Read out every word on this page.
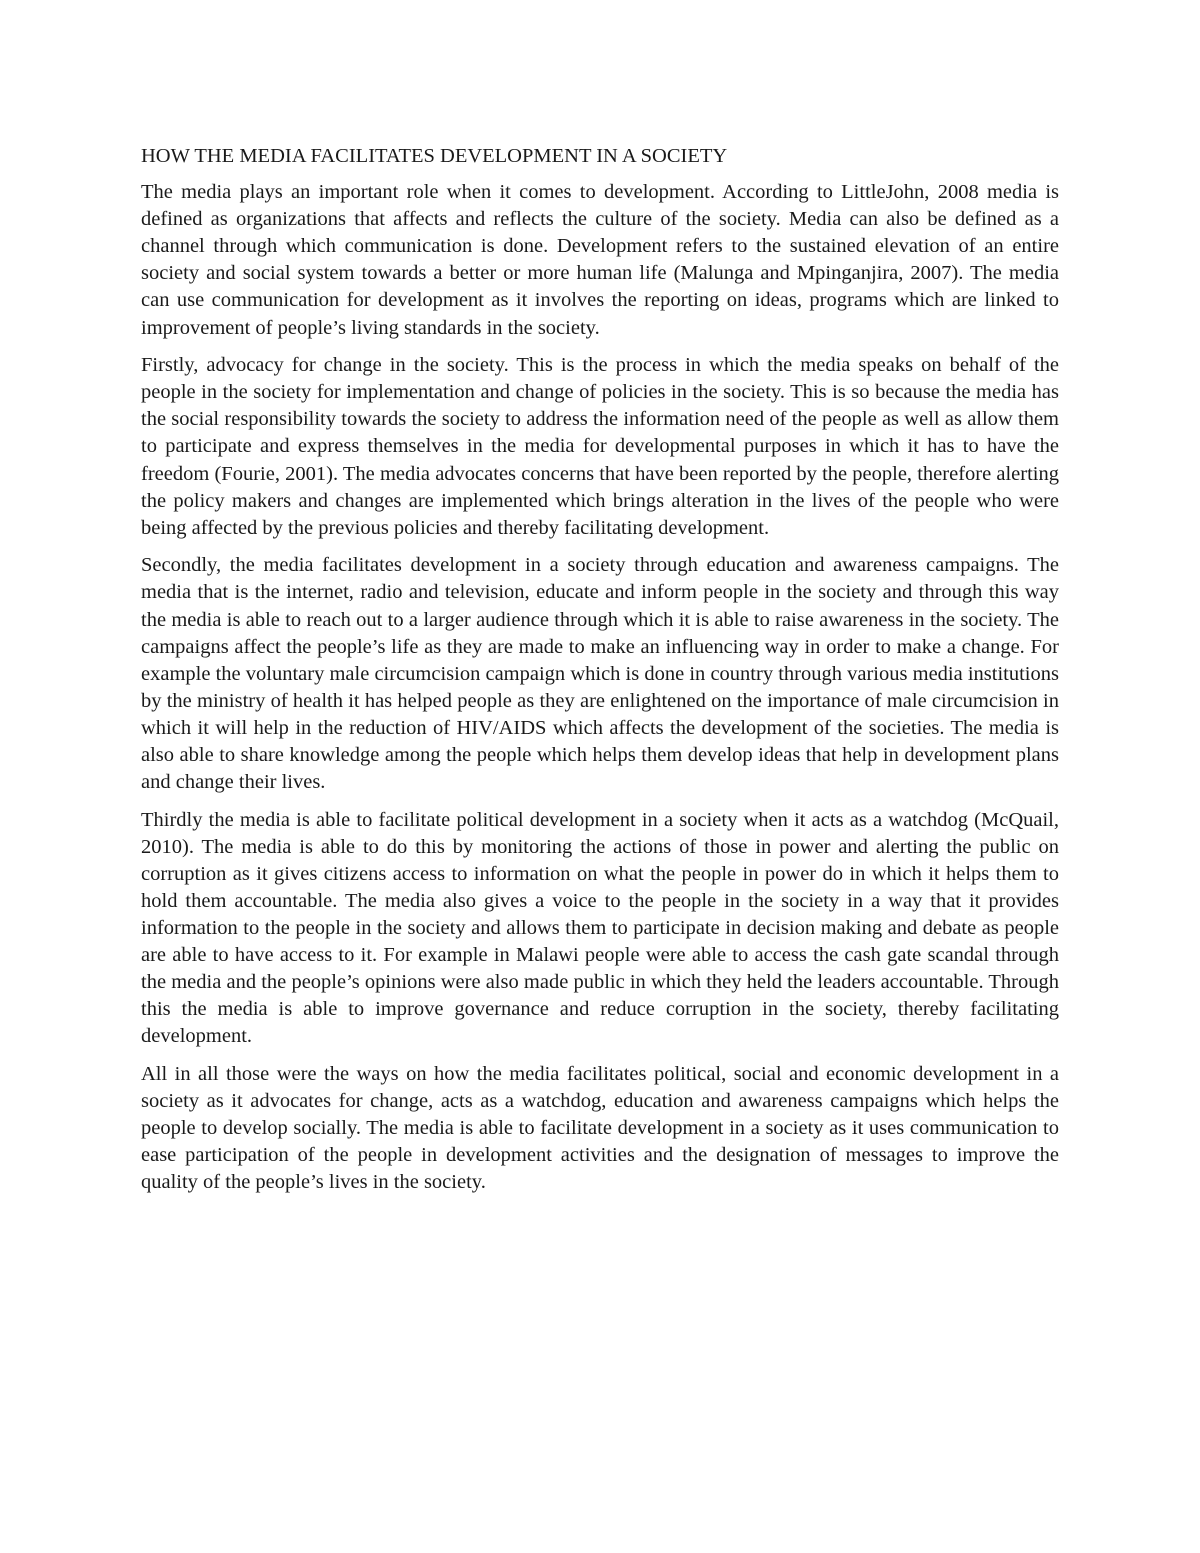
HOW THE MEDIA FACILITATES DEVELOPMENT IN A SOCIETY

The media plays an important role when it comes to development. According to LittleJohn, 2008 media is defined as organizations that affects and reflects the culture of the society. Media can also be defined as a channel through which communication is done. Development refers to the sustained elevation of an entire society and social system towards a better or more human life (Malunga and Mpinganjira, 2007). The media can use communication for development as it involves the reporting on ideas, programs which are linked to improvement of people’s living standards in the society.

Firstly, advocacy for change in the society. This is the process in which the media speaks on behalf of the people in the society for implementation and change of policies in the society. This is so because the media has the social responsibility towards the society to address the information need of the people as well as allow them to participate and express themselves in the media for developmental purposes in which it has to have the freedom (Fourie, 2001). The media advocates concerns that have been reported by the people, therefore alerting the policy makers and changes are implemented which brings alteration in the lives of the people who were being affected by the previous policies and thereby facilitating development.

Secondly, the media facilitates development in a society through education and awareness campaigns. The media that is the internet, radio and television, educate and inform people in the society and through this way the media is able to reach out to a larger audience through which it is able to raise awareness in the society. The campaigns affect the people’s life as they are made to make an influencing way in order to make a change. For example the voluntary male circumcision campaign which is done in country through various media institutions by the ministry of health it has helped people as they are enlightened on the importance of male circumcision in which it will help in the reduction of HIV/AIDS which affects the development of the societies. The media is also able to share knowledge among the people which helps them develop ideas that help in development plans and change their lives.

Thirdly the media is able to facilitate political development in a society when it acts as a watchdog (McQuail, 2010). The media is able to do this by monitoring the actions of those in power and alerting the public on corruption as it gives citizens access to information on what the people in power do in which it helps them to hold them accountable. The media also gives a voice to the people in the society in a way that it provides information to the people in the society and allows them to participate in decision making and debate as people are able to have access to it. For example in Malawi people were able to access the cash gate scandal through the media and the people’s opinions were also made public in which they held the leaders accountable. Through this the media is able to improve governance and reduce corruption in the society, thereby facilitating development.

All in all those were the ways on how the media facilitates political, social and economic development in a society as it advocates for change, acts as a watchdog, education and awareness campaigns which helps the people to develop socially. The media is able to facilitate development in a society as it uses communication to ease participation of the people in development activities and the designation of messages to improve the quality of the people’s lives in the society.
